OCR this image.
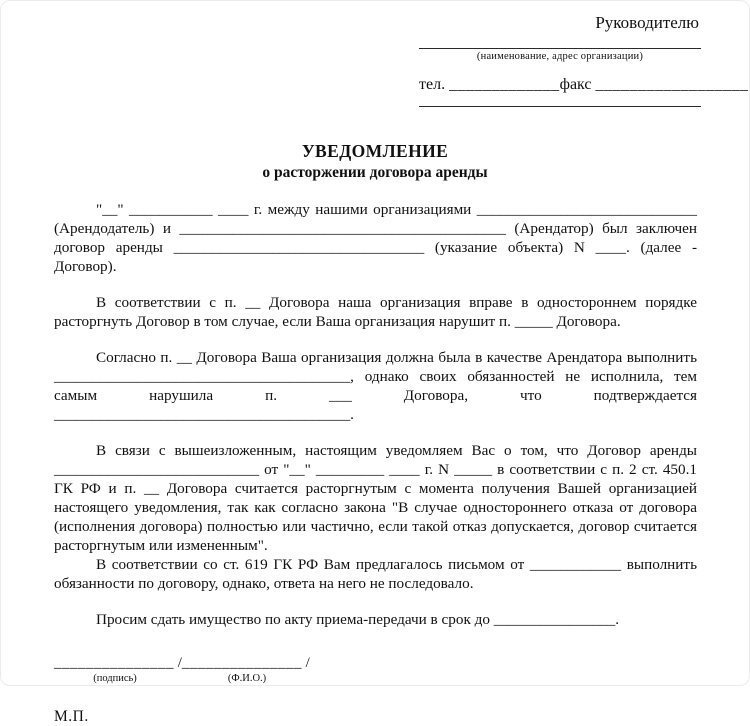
Руководителю
(наименование, адрес организации)
тел. _____________факс __________________
УВЕДОМЛЕНИЕ
о расторжении договора аренды

"__" ___________ ____ г. между нашими организациями _____________________________ (Арендодатель) и ___________________________________________ (Арендатор) был заключен договор аренды _________________________________ (указание объекта) N ____. (далее - Договор).

В соответствии с п. __ Договора наша организация вправе в одностороннем порядке расторгнуть Договор в том случае, если Ваша организация нарушит п. _____ Договора.

Согласно п. __ Договора Ваша организация должна была в качестве Арендатора выполнить _______________________________________, однако своих обязанностей не исполнила, тем самым нарушила п. ___ Договора, что подтверждается _______________________________________.

В связи с вышеизложенным, настоящим уведомляем Вас о том, что Договор аренды ___________________________ от "__" _________ ____ г. N _____ в соответствии с п. 2 ст. 450.1 ГК РФ и п. __ Договора считается расторгнутым с момента получения Вашей организацией настоящего уведомления, так как согласно закона "В случае одностороннего отказа от договора (исполнения договора) полностью или частично, если такой отказ допускается, договор считается расторгнутым или измененным".

В соответствии со ст. 619 ГК РФ Вам предлагалось письмом от ____________ выполнить обязанности по договору, однако, ответа на него не последовало.

Просим сдать имущество по акту приема-передачи в срок до ________________.

_______________ /_______________ /
(подпись)	(Ф.И.О.)
М.П.
